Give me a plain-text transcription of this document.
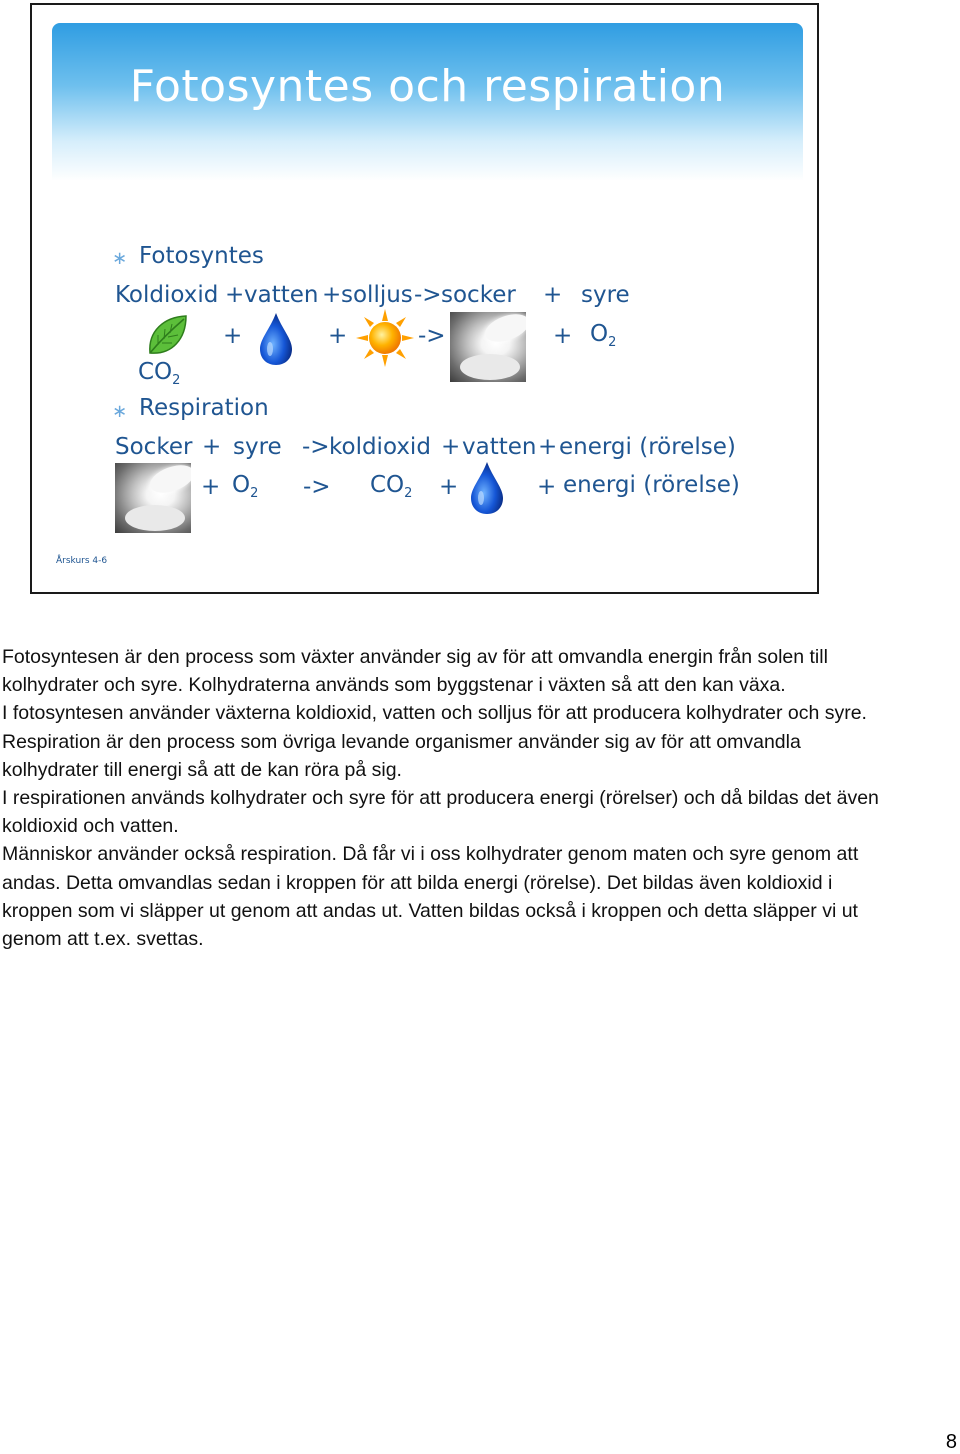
Fotosyntes och respiration
∗ Fotosyntes
Koldioxid + vatten + solljus -> socker + syre
+	+	->	+ $O_2$
$CO_2$
∗ Respiration
Socker + syre -> koldioxid + vatten + energi (rörelse)
+ $O_2 -> CO_2$ +	+ energi (rörelse)
Årskurs 4-6

Fotosyntesen är den process som växter använder sig av för att omvandla energin från solen till kolhydrater och syre. Kolhydraterna används som byggstenar i växten så att den kan växa.

I fotosyntesen använder växterna koldioxid, vatten och solljus för att producera kolhydrater och syre.

Respiration är den process som övriga levande organismer använder sig av för att omvandla kolhydrater till energi så att de kan röra på sig.

I respirationen används kolhydrater och syre för att producera energi (rörelser) och då bildas det även koldioxid och vatten.

Människor använder också respiration. Då får vi i oss kolhydrater genom maten och syre genom att andas. Detta omvandlas sedan i kroppen för att bilda energi (rörelse). Det bildas även koldioxid i kroppen som vi släpper ut genom att andas ut. Vatten bildas också i kroppen och detta släpper vi ut genom att t.ex. svettas.

8
